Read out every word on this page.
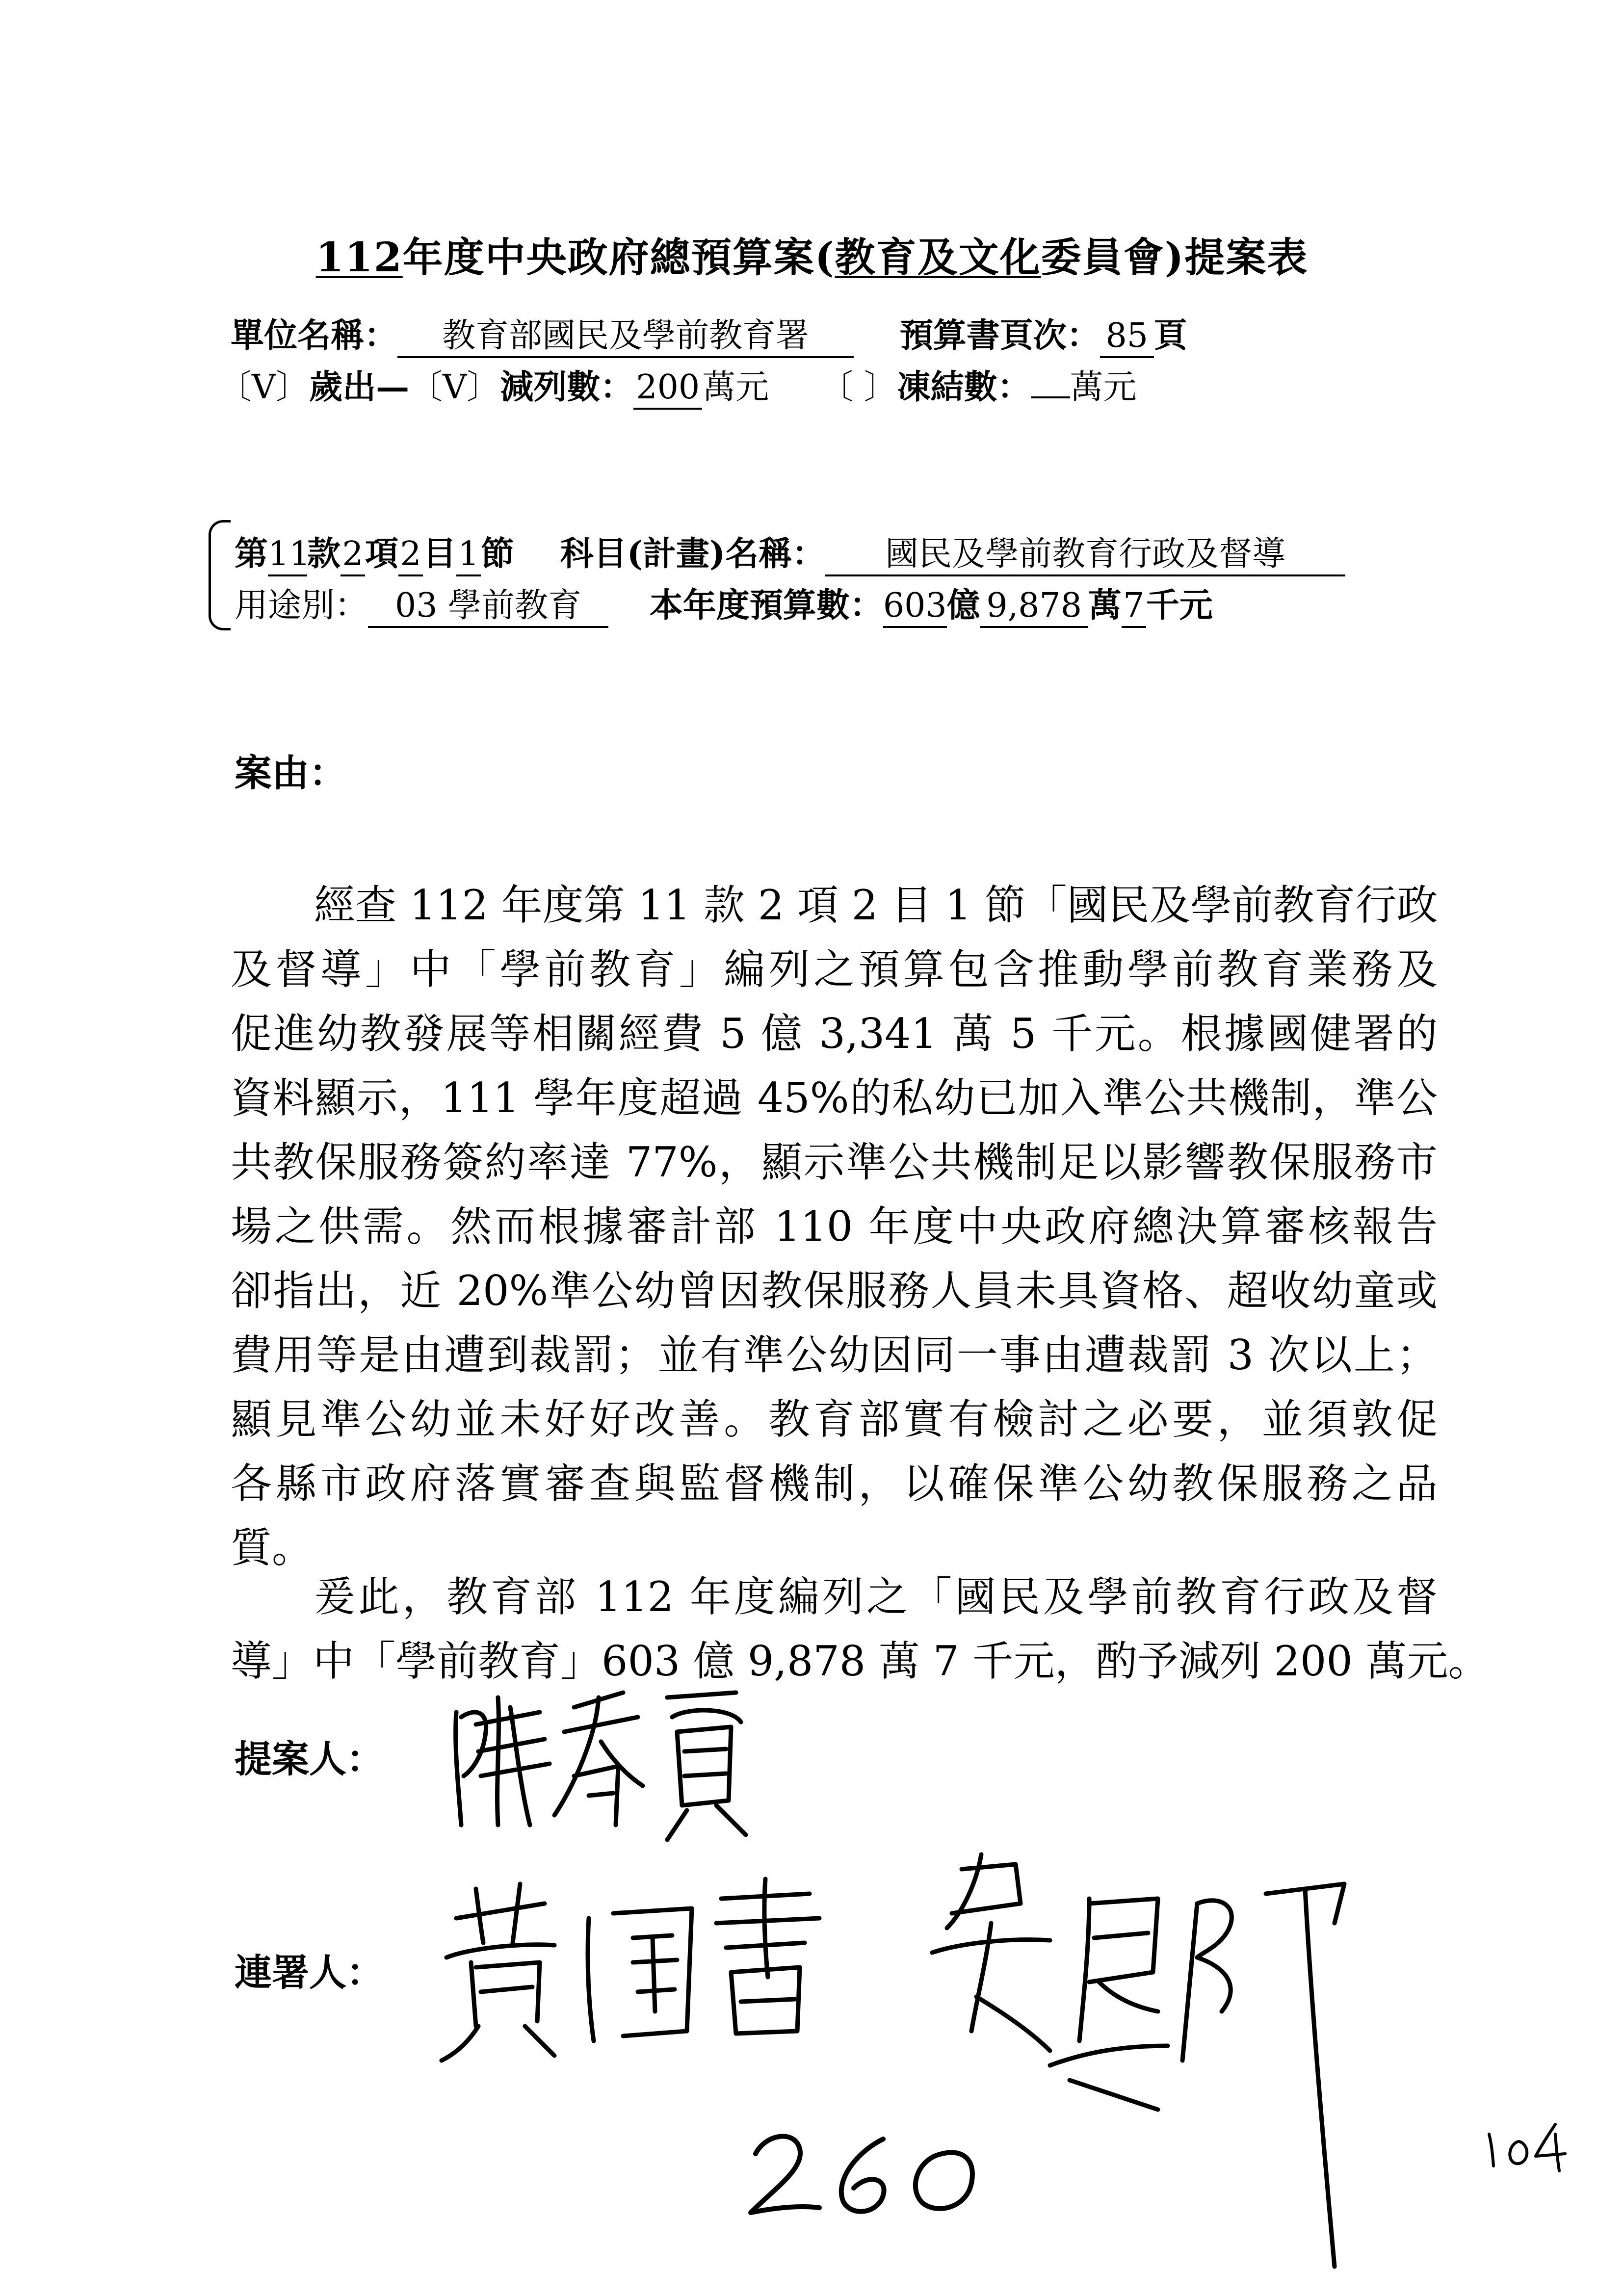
112年度中央政府總預算案(教育及文化委員會)提案表
單位名稱： 教育部國民及學前教育署	預算書頁次： 85 頁
〔V〕歲出—〔V〕減列數：200萬元 〔 〕凍結數： 萬元
第11款2項2目1節 科目(計畫)名稱： 國民及學前教育行政及督導
用途別： 03 學前教育 本年度預算數：603億 9,878 萬7千元
案由：
經查 112 年度第 11 款 2 項 2 目 1 節「國民及學前教育行政
及督導」中「學前教育」編列之預算包含推動學前教育業務及
促進幼教發展等相關經費 5 億 3,341 萬 5 千元。根據國健署的
資料顯示，111 學年度超過 45%的私幼已加入準公共機制，準公
共教保服務簽約率達 77%，顯示準公共機制足以影響教保服務市
場之供需。然而根據審計部 110 年度中央政府總決算審核報告
卻指出，近 20%準公幼曾因教保服務人員未具資格、超收幼童或
費用等是由遭到裁罰；並有準公幼因同一事由遭裁罰 3 次以上；
顯見準公幼並未好好改善。教育部實有檢討之必要，並須敦促
各縣市政府落實審查與監督機制，以確保準公幼教保服務之品
質。
爰此，教育部 112 年度編列之「國民及學前教育行政及督
導」中「學前教育」603 億 9,878 萬 7 千元，酌予減列 200 萬元。
提案人：
連署人：
